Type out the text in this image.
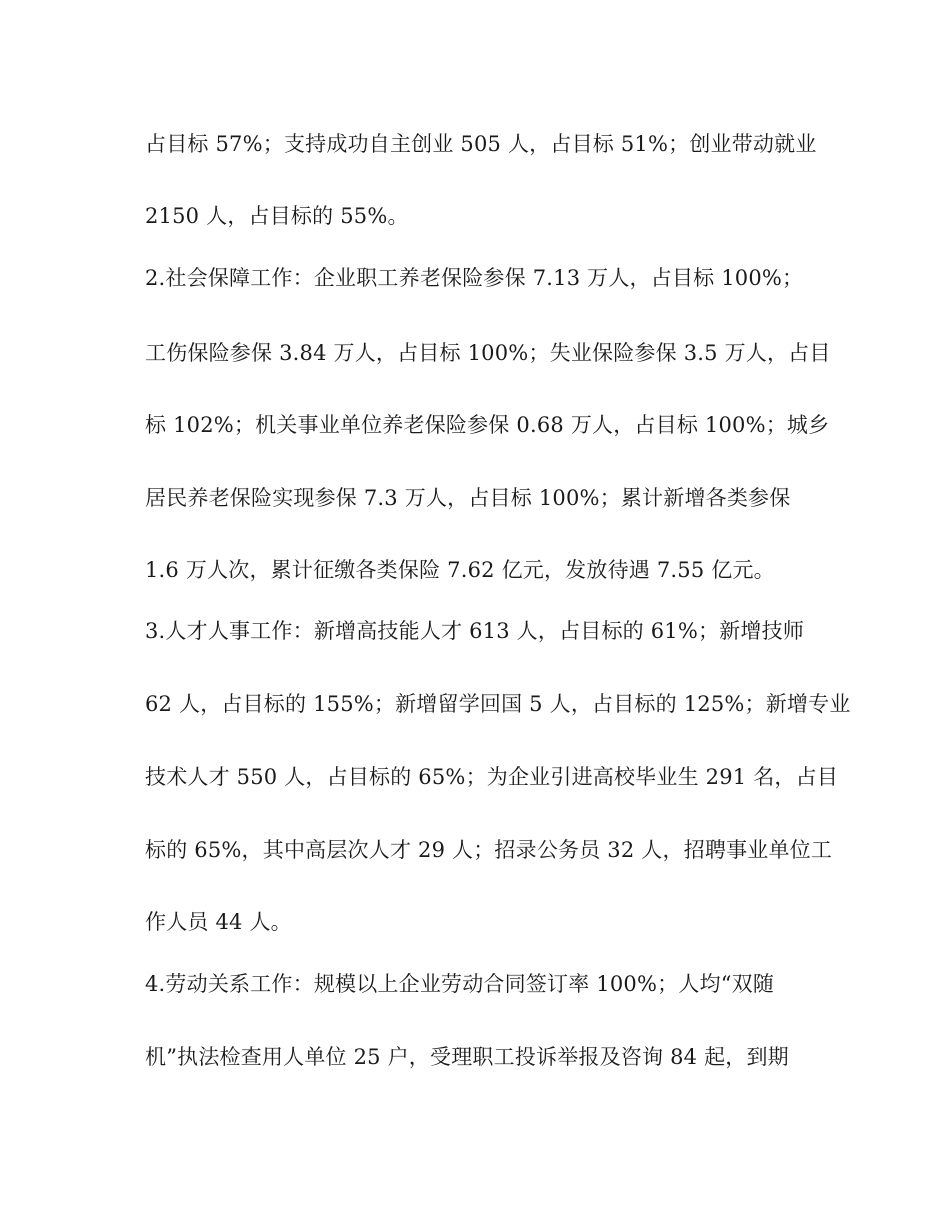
占目标 57%；支持成功自主创业 505 人，占目标 51%；创业带动就业

2150 人，占目标的 55%。

2.社会保障工作：企业职工养老保险参保 7.13 万人，占目标 100%；

工伤保险参保 3.84 万人，占目标 100%；失业保险参保 3.5 万人，占目

标 102%；机关事业单位养老保险参保 0.68 万人，占目标 100%；城乡

居民养老保险实现参保 7.3 万人，占目标 100%；累计新增各类参保

1.6 万人次，累计征缴各类保险 7.62 亿元，发放待遇 7.55 亿元。

3.人才人事工作：新增高技能人才 613 人，占目标的 61%；新增技师

62 人，占目标的 155%；新增留学回国 5 人，占目标的 125%；新增专业

技术人才 550 人，占目标的 65%；为企业引进高校毕业生 291 名，占目

标的 65%，其中高层次人才 29 人；招录公务员 32 人，招聘事业单位工

作人员 44 人。

4.劳动关系工作：规模以上企业劳动合同签订率 100%；人均“双随

机”执法检查用人单位 25 户，受理职工投诉举报及咨询 84 起，到期
